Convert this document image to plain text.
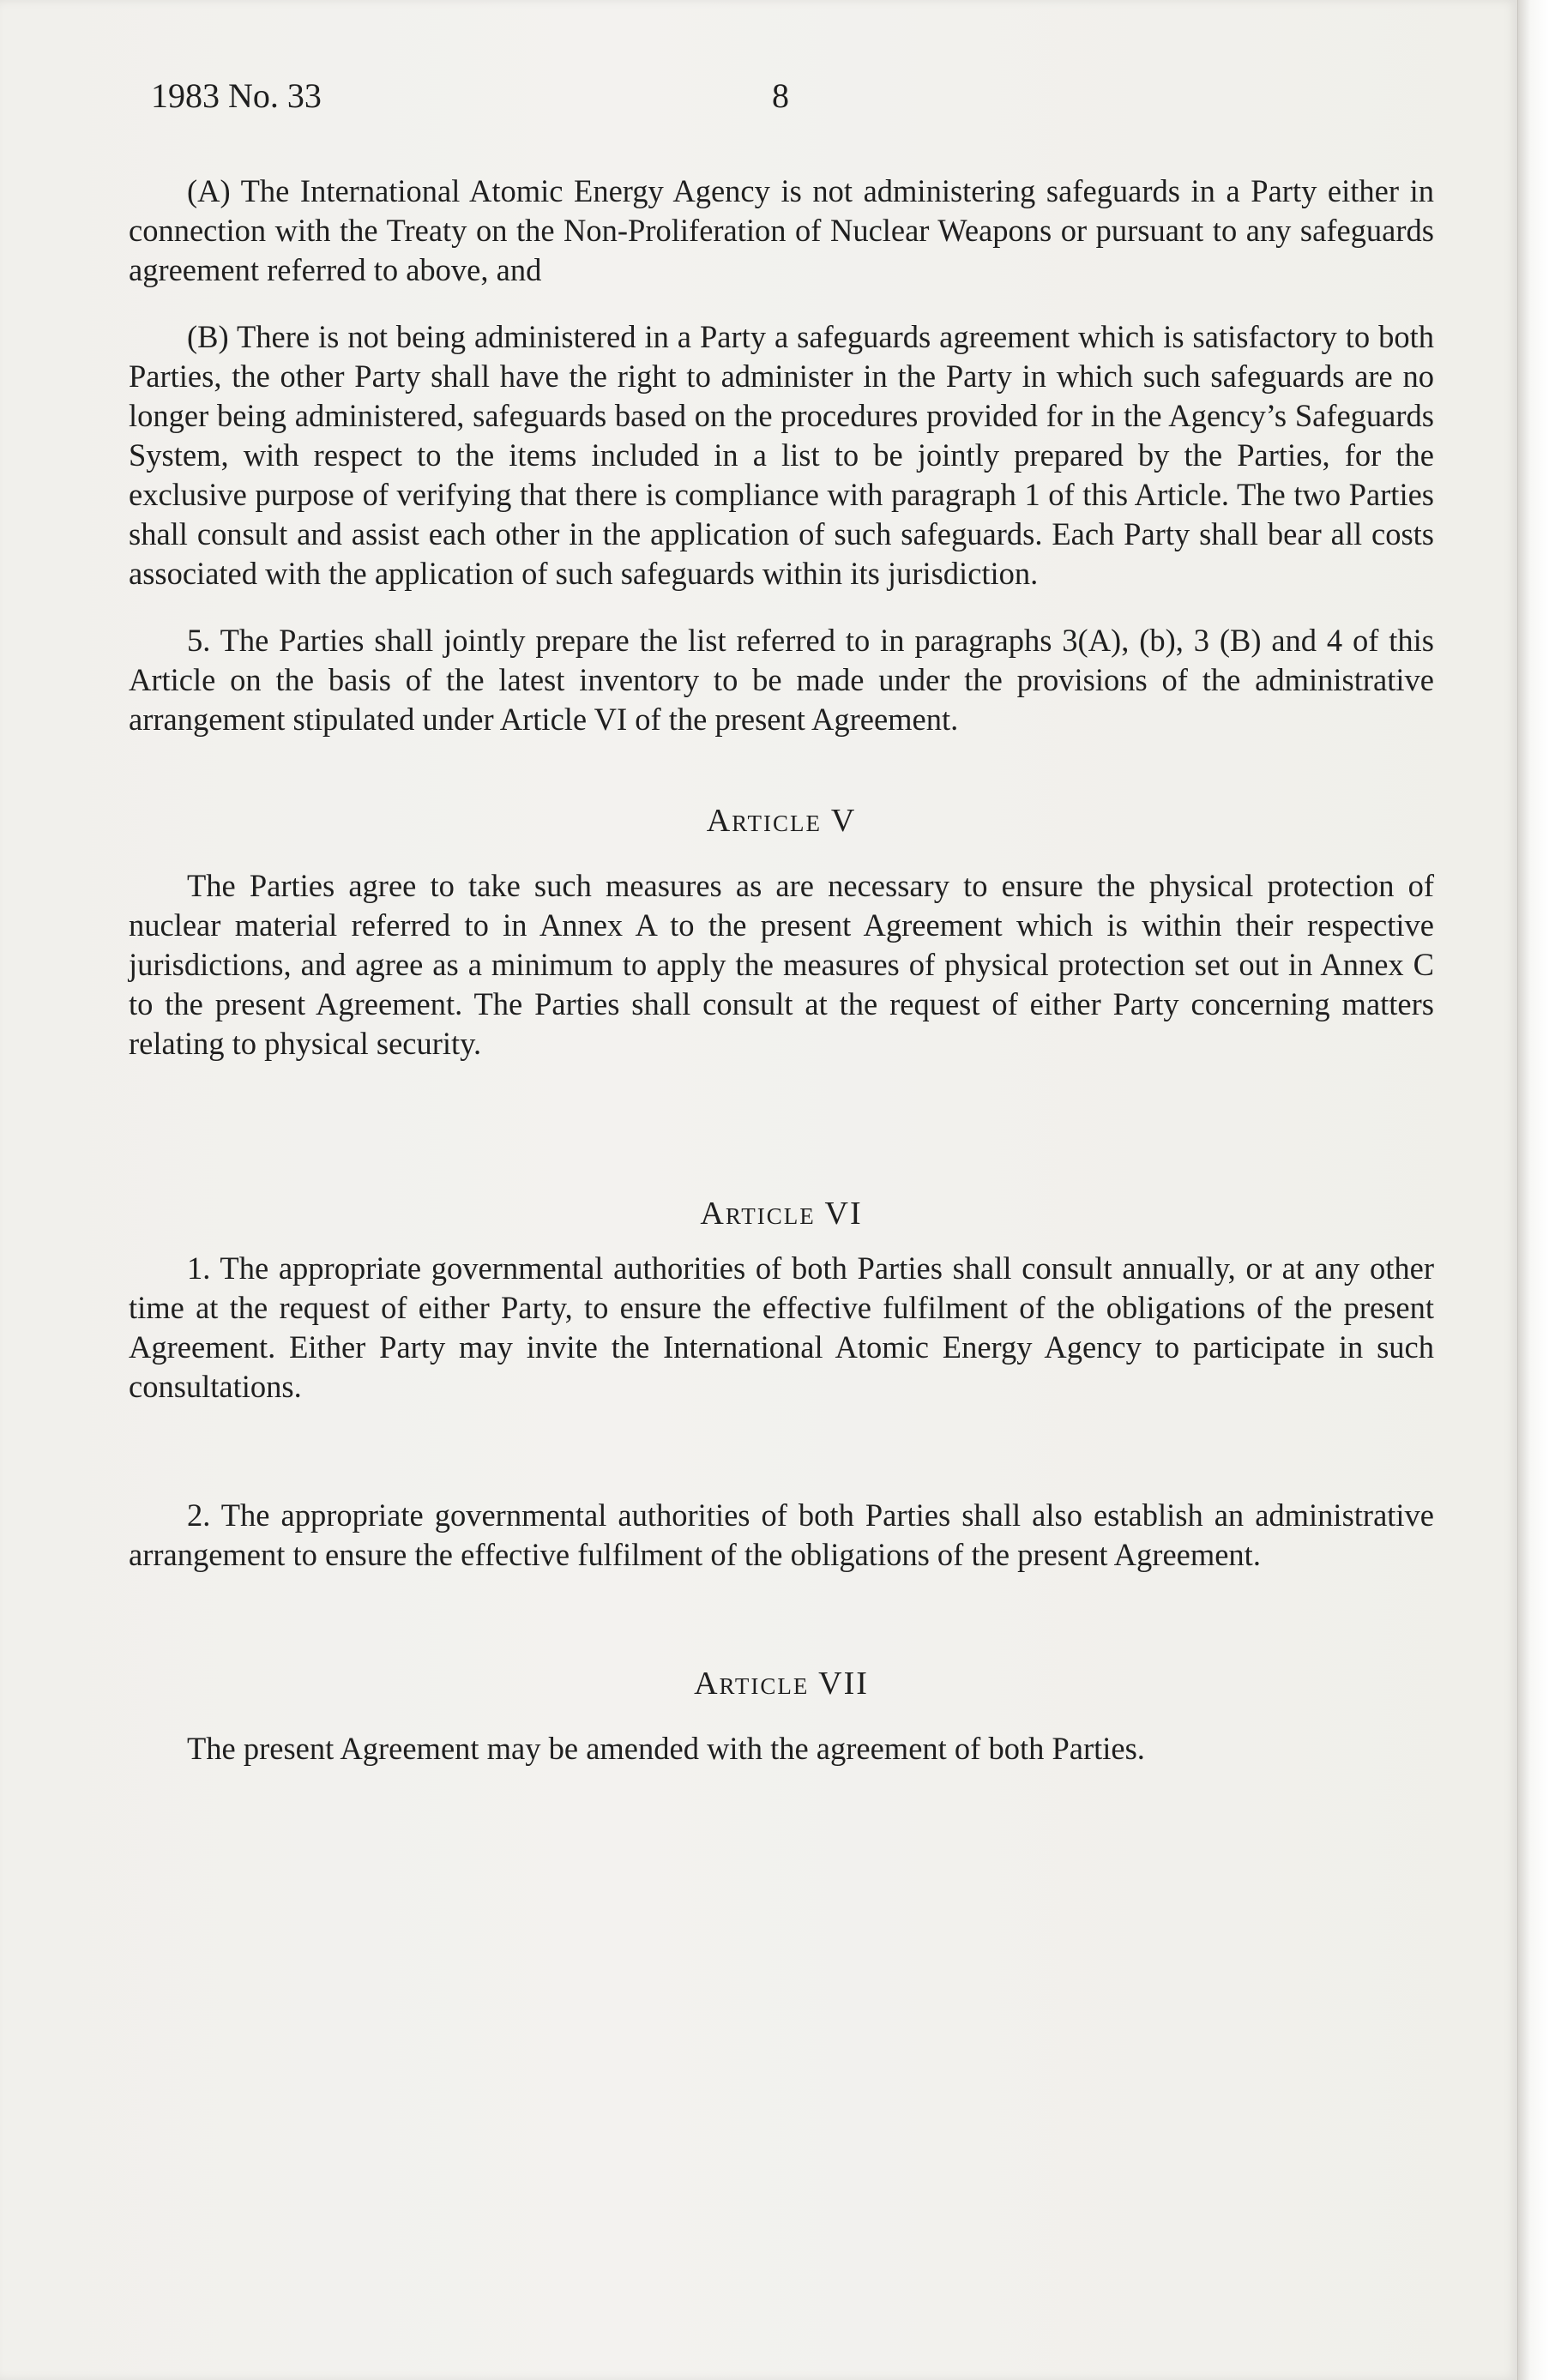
1983 No. 33	8

(A) The International Atomic Energy Agency is not administering safeguards in a Party either in connection with the Treaty on the Non-Proliferation of Nuclear Weapons or pursuant to any safeguards agreement referred to above, and

(B) There is not being administered in a Party a safeguards agreement which is satisfactory to both Parties, the other Party shall have the right to administer in the Party in which such safeguards are no longer being administered, safeguards based on the procedures provided for in the Agency’s Safeguards System, with respect to the items included in a list to be jointly prepared by the Parties, for the exclusive purpose of verifying that there is compliance with paragraph 1 of this Article. The two Parties shall consult and assist each other in the application of such safeguards. Each Party shall bear all costs associated with the application of such safeguards within its jurisdiction.

5. The Parties shall jointly prepare the list referred to in paragraphs 3(A), (b), 3 (B) and 4 of this Article on the basis of the latest inventory to be made under the provisions of the administrative arrangement stipulated under Article VI of the present Agreement.

Article V

The Parties agree to take such measures as are necessary to ensure the physical protection of nuclear material referred to in Annex A to the present Agreement which is within their respective jurisdictions, and agree as a minimum to apply the measures of physical protection set out in Annex C to the present Agreement. The Parties shall consult at the request of either Party concerning matters relating to physical security.

Article VI

1. The appropriate governmental authorities of both Parties shall consult annually, or at any other time at the request of either Party, to ensure the effective fulfilment of the obligations of the present Agreement. Either Party may invite the International Atomic Energy Agency to participate in such consultations.

2. The appropriate governmental authorities of both Parties shall also establish an administrative arrangement to ensure the effective fulfilment of the obligations of the present Agreement.

Article VII

The present Agreement may be amended with the agreement of both Parties.
